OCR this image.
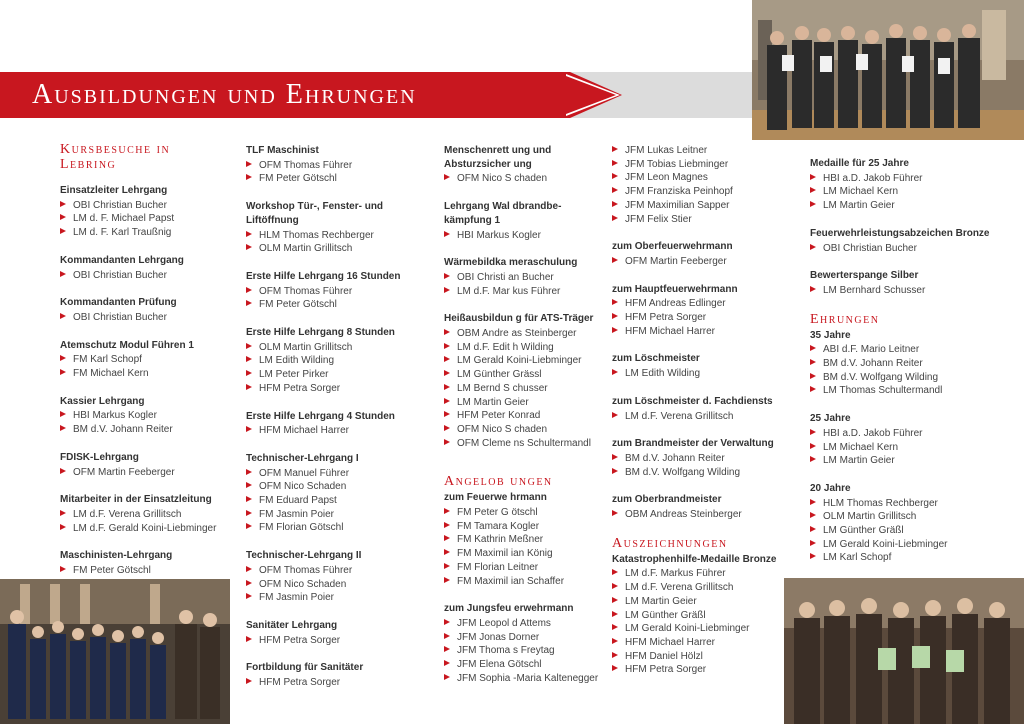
Ausbildungen und Ehrungen
Kursbesuche in Lebring
Einsatzleiter Lehrgang
OBI Christian Bucher
LM d. F. Michael Papst
LM d. F. Karl Traußnig
Kommandanten Lehrgang
OBI Christian Bucher
Kommandanten Prüfung
OBI Christian Bucher
Atemschutz Modul Führen 1
FM Karl Schopf
FM Michael Kern
Kassier Lehrgang
HBI Markus Kogler
BM d.V. Johann Reiter
FDISK-Lehrgang
OFM Martin Feeberger
Mitarbeiter in der Einsatzleitung
LM d.F. Verena Grillitsch
LM d.F. Gerald Koini-Liebminger
Maschinisten-Lehrgang
FM Peter Götschl
TLF Maschinist
OFM Thomas Führer
FM Peter Götschl
Workshop Tür-, Fenster- und Liftöffnung
HLM Thomas Rechberger
OLM Martin Grillitsch
Erste Hilfe Lehrgang 16 Stunden
OFM Thomas Führer
FM Peter Götschl
Erste Hilfe Lehrgang 8 Stunden
OLM Martin Grillitsch
LM Edith Wilding
LM Peter Pirker
HFM Petra Sorger
Erste Hilfe Lehrgang 4 Stunden
HFM Michael Harrer
Technischer-Lehrgang I
OFM Manuel Führer
OFM Nico Schaden
FM Eduard Papst
FM Jasmin Poier
FM Florian Götschl
Technischer-Lehrgang II
OFM Thomas Führer
OFM Nico Schaden
FM Jasmin Poier
Sanitäter Lehrgang
HFM Petra Sorger
Fortbildung für Sanitäter
HFM Petra Sorger
Menschenrett ung und Absturzsicher ung
OFM Nico S chaden
Lehrgang Wal dbrandbe- kämpfung 1
HBI Markus Kogler
Wärmebildka meraschulung
OBI Christi an Bucher
LM d.F. Mar kus Führer
Heißausbildun g für ATS-Träger
OBM Andre as Steinberger
LM d.F. Edit h Wilding
LM Gerald Koini-Liebminger
LM Günther Grässl
LM Bernd S chusser
LM Martin Geier
HFM Peter Konrad
OFM Nico S chaden
OFM Cleme ns Schultermandl
Angelob ungen
zum Feuerwe hrmann
FM Peter G ötschl
FM Tamara Kogler
FM Kathrin Meßner
FM Maximil ian König
FM Florian Leitner
FM Maximil ian Schaffer
zum Jungsfeu erwehrmann
JFM Leopol d Attems
JFM Jonas Dorner
JFM Thoma s Freytag
JFM Elena Götschl
JFM Sophia -Maria Kaltenegger
JFM Lukas Leitner
JFM Tobias Liebminger
JFM Leon Magnes
JFM Franziska Peinhopf
JFM Maximilian Sapper
JFM Felix Stier
zum Oberfeuerwehrmann
OFM Martin Feeberger
zum Hauptfeuerwehrmann
HFM Andreas Edlinger
HFM Petra Sorger
HFM Michael Harrer
zum Löschmeister
LM Edith Wilding
zum Löschmeister d. Fachdiensts
LM d.F. Verena Grillitsch
zum Brandmeister der Verwaltung
BM d.V. Johann Reiter
BM d.V. Wolfgang Wilding
zum Oberbrandmeister
OBM Andreas Steinberger
Auszeichnungen
Katastrophenhilfe-Medaille Bronze
LM d.F. Markus Führer
LM d.F. Verena Grillitsch
LM Martin Geier
LM Günther Gräßl
LM Gerald Koini-Liebminger
HFM Michael Harrer
HFM Daniel Hölzl
HFM Petra Sorger
Medaille für 25 Jahre
HBI a.D. Jakob Führer
LM Michael Kern
LM Martin Geier
Feuerwehrleistungsabzeichen Bronze
OBI Christian Bucher
Bewerterspange Silber
LM Bernhard Schusser
Ehrungen
35 Jahre
ABI d.F. Mario Leitner
BM d.V. Johann Reiter
BM d.V. Wolfgang Wilding
LM Thomas Schultermandl
25 Jahre
HBI a.D. Jakob Führer
LM Michael Kern
LM Martin Geier
20 Jahre
HLM Thomas Rechberger
OLM Martin Grillitsch
LM Günther Gräßl
LM Gerald Koini-Liebminger
LM Karl Schopf
